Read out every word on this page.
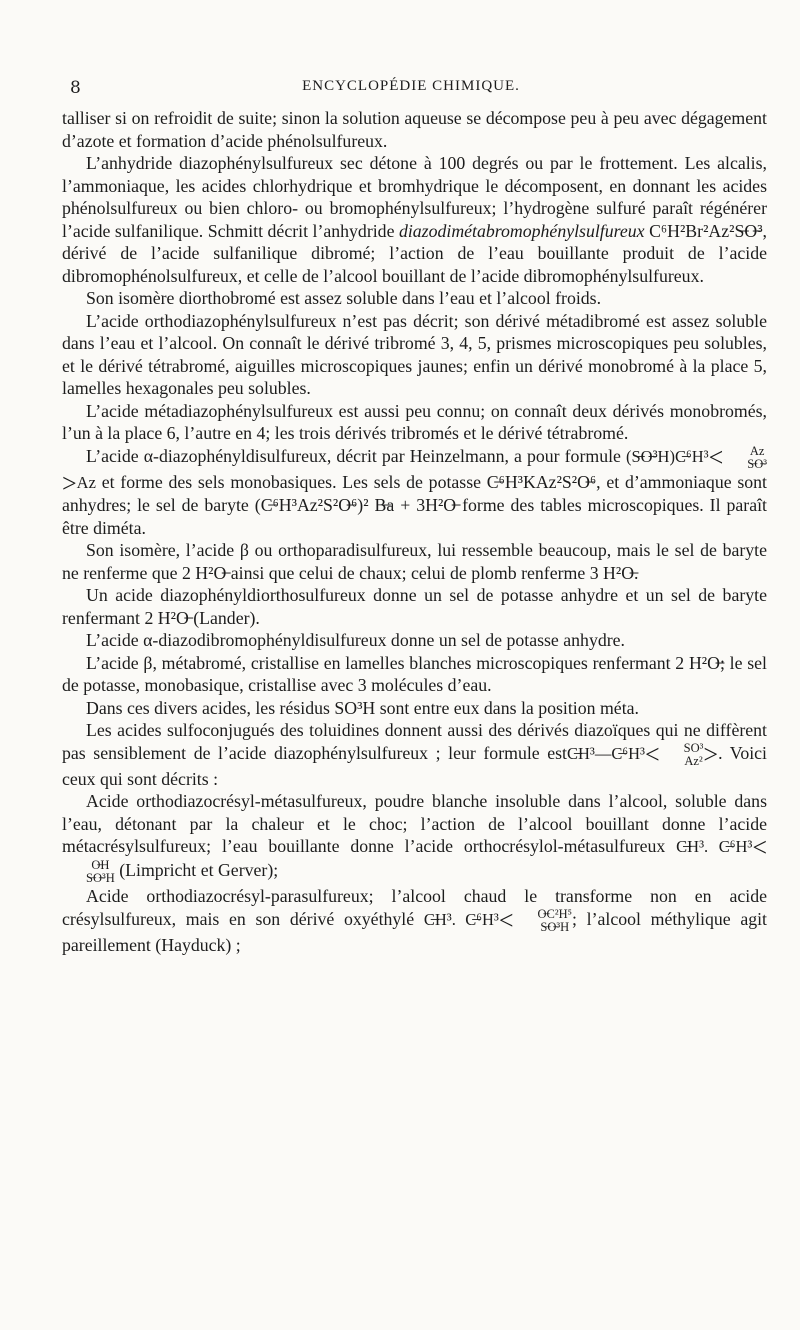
8	ENCYCLOPÉDIE CHIMIQUE.

talliser si on refroidit de suite; sinon la solution aqueuse se décompose peu à peu avec dégagement d’azote et formation d’acide phénolsulfureux.

L’anhydride diazophénylsulfureux sec détone à 100 degrés ou par le frottement. Les alcalis, l’ammoniaque, les acides chlorhydrique et bromhydrique le décomposent, en donnant les acides phénolsulfureux ou bien chloro- ou bromophénylsulfureux; l’hydrogène sulfuré paraît régénérer l’acide sulfanilique. Schmitt décrit l’anhydride diazodimétabromophénylsulfureux C⁶H²Br²Az²S̶O̶³, dérivé de l’acide sulfanilique dibromé; l’action de l’eau bouillante produit de l’acide dibromophénolsulfureux, et celle de l’alcool bouillant de l’acide dibromophénylsulfureux.

Son isomère diorthobromé est assez soluble dans l’eau et l’alcool froids.

L’acide orthodiazophénylsulfureux n’est pas décrit; son dérivé métadibromé est assez soluble dans l’eau et l’alcool. On connaît le dérivé tribromé 3, 4, 5, prismes microscopiques peu solubles, et le dérivé tétrabromé, aiguilles microscopiques jaunes; enfin un dérivé monobromé à la place 5, lamelles hexagonales peu solubles.

L’acide métadiazophénylsulfureux est aussi peu connu; on connaît deux dérivés monobromés, l’un à la place 6, l’autre en 4; les trois dérivés tribromés et le dérivé tétrabromé.

L’acide α-diazophényldisulfureux, décrit par Heinzelmann, a pour formule (S̶O̶³H)C̶⁶H³<	Az
S̶O̶³
>Az et forme des sels monobasiques. Les sels de potasse C̶⁶H³KAz²S²O̶⁶, et d’ammoniaque sont anhydres; le sel de baryte (C̶⁶H³Az²S²O̶⁶)² B̶a + 3H²O̶ forme des tables microscopiques. Il paraît être diméta.

Son isomère, l’acide β ou orthoparadisulfureux, lui ressemble beaucoup, mais le sel de baryte ne renferme que 2 H²O̶ ainsi que celui de chaux; celui de plomb renferme 3 H²O̶.

Un acide diazophényldiorthosulfureux donne un sel de potasse anhydre et un sel de baryte renfermant 2 H²O̶ (Lander).

L’acide α-diazodibromophényldisulfureux donne un sel de potasse anhydre.

L’acide β, métabromé, cristallise en lamelles blanches microscopiques renfermant 2 H²O̶; le sel de potasse, monobasique, cristallise avec 3 molécules d’eau.

Dans ces divers acides, les résidus SO³H sont entre eux dans la position méta.

Les acides sulfoconjugués des toluidines donnent aussi des dérivés diazoïques qui ne diffèrent pas sensiblement de l’acide diazophénylsulfureux ; leur formule estC̶H³—C̶⁶H³<	SO³
Az² >. Voici ceux qui sont décrits :

Acide orthodiazocrésyl-métasulfureux, poudre blanche insoluble dans l’alcool, soluble dans l’eau, détonant par la chaleur et le choc; l’action de l’alcool bouillant donne l’acide métacrésylsulfureux; l’eau bouillante donne l’acide orthocrésylol-métasulfureux C̶H³. C̶⁶H³<
O̶H
S̶O̶³H (Limpricht et Gerver);

Acide orthodiazocrésyl-parasulfureux; l’alcool chaud le transforme non en acide crésylsulfureux, mais en son dérivé oxyéthylé C̶H³. C̶⁶H³<	O̶C²H⁵
S̶O̶³H ; l’alcool méthylique agit pareillement (Hayduck) ;
